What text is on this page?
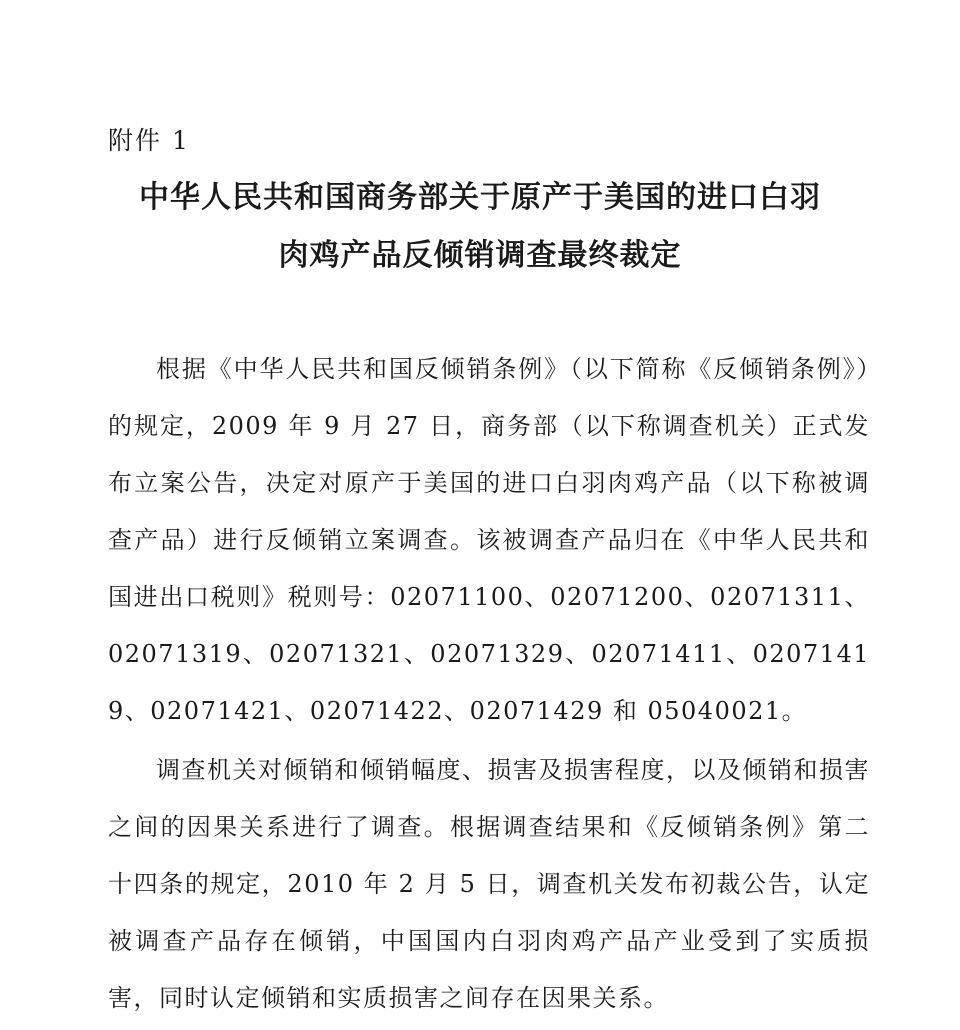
附件 1
中华人民共和国商务部关于原产于美国的进口白羽
肉鸡产品反倾销调查最终裁定
根据《中华人民共和国反倾销条例》（以下简称《反倾销条例》）的规定，2009 年 9 月 27 日，商务部（以下称调查机关）正式发布立案公告，决定对原产于美国的进口白羽肉鸡产品（以下称被调查产品）进行反倾销立案调查。该被调查产品归在《中华人民共和国进出口税则》税则号：02071100、02071200、02071311、02071319、02071321、02071329、02071411、02071419、02071421、02071422、02071429 和 05040021。
调查机关对倾销和倾销幅度、损害及损害程度，以及倾销和损害之间的因果关系进行了调查。根据调查结果和《反倾销条例》第二十四条的规定，2010 年 2 月 5 日，调查机关发布初裁公告，认定被调查产品存在倾销，中国国内白羽肉鸡产品产业受到了实质损害，同时认定倾销和实质损害之间存在因果关系。
